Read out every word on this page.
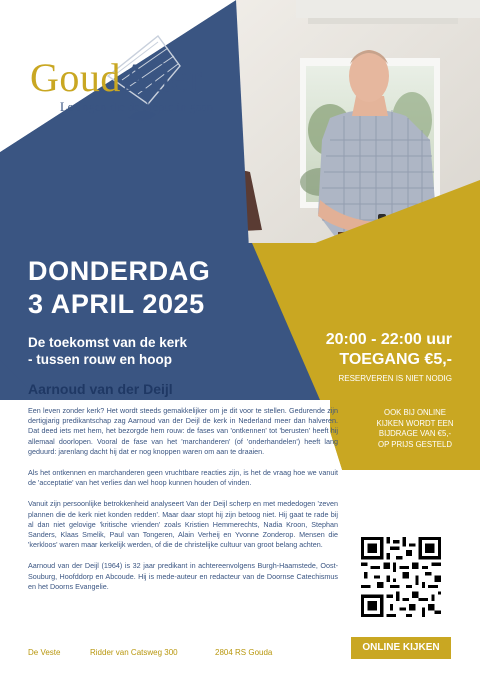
GoudAder
Lezingen die de diepte in gaan
DONDERDAG
3 APRIL 2025
De toekomst van de kerk
- tussen rouw en hoop
20:00 - 22:00 uur
TOEGANG €5,-
RESERVEREN IS NIET NODIG
Aarnoud van der Deijl
OOK BIJ ONLINE
KIJKEN WORDT EEN
BIJDRAGE VAN €5,-
OP PRIJS GESTELD

Een leven zonder kerk? Het wordt steeds gemakkelijker om je dit voor te stellen. Gedurende zijn dertigjarig predikantschap zag Aarnoud van der Deijl de kerk in Nederland meer dan halveren. Dat deed iets met hem, het bezorgde hem rouw: de fases van 'ontkennen' tot 'berusten' heeft hij allemaal doorlopen. Vooral de fase van het 'marchanderen' (of 'onderhandelen') heeft lang geduurd: jarenlang dacht hij dat er nog knoppen waren om aan te draaien.

Als het ontkennen en marchanderen geen vruchtbare reacties zijn, is het de vraag hoe we vanuit de 'acceptatie' van het verlies dan wel hoop kunnen houden of vinden.

Vanuit zijn persoonlijke betrokkenheid analyseert Van der Deijl scherp en met mededogen 'zeven plannen die de kerk niet konden redden'. Maar daar stopt hij zijn betoog niet. Hij gaat te rade bij al dan niet gelovige 'kritische vrienden' zoals Kristien Hemmerechts, Nadia Kroon, Stephan Sanders, Klaas Smelik, Paul van Tongeren, Alain Verheij en Yvonne Zonderop. Mensen die 'kerkloos' waren maar kerkelijk werden, of die de christelijke cultuur van groot belang achten.

Aarnoud van der Deijl (1964) is 32 jaar predikant in achtereenvolgens Burgh-Haamstede, Oost-Souburg, Hoofddorp en Abcoude. Hij is mede-auteur en redacteur van de Doornse Catechismus en het Doorns Evangelie.

De Veste	Ridder van Catsweg 300	2804 RS Gouda	ONLINE KIJKEN
